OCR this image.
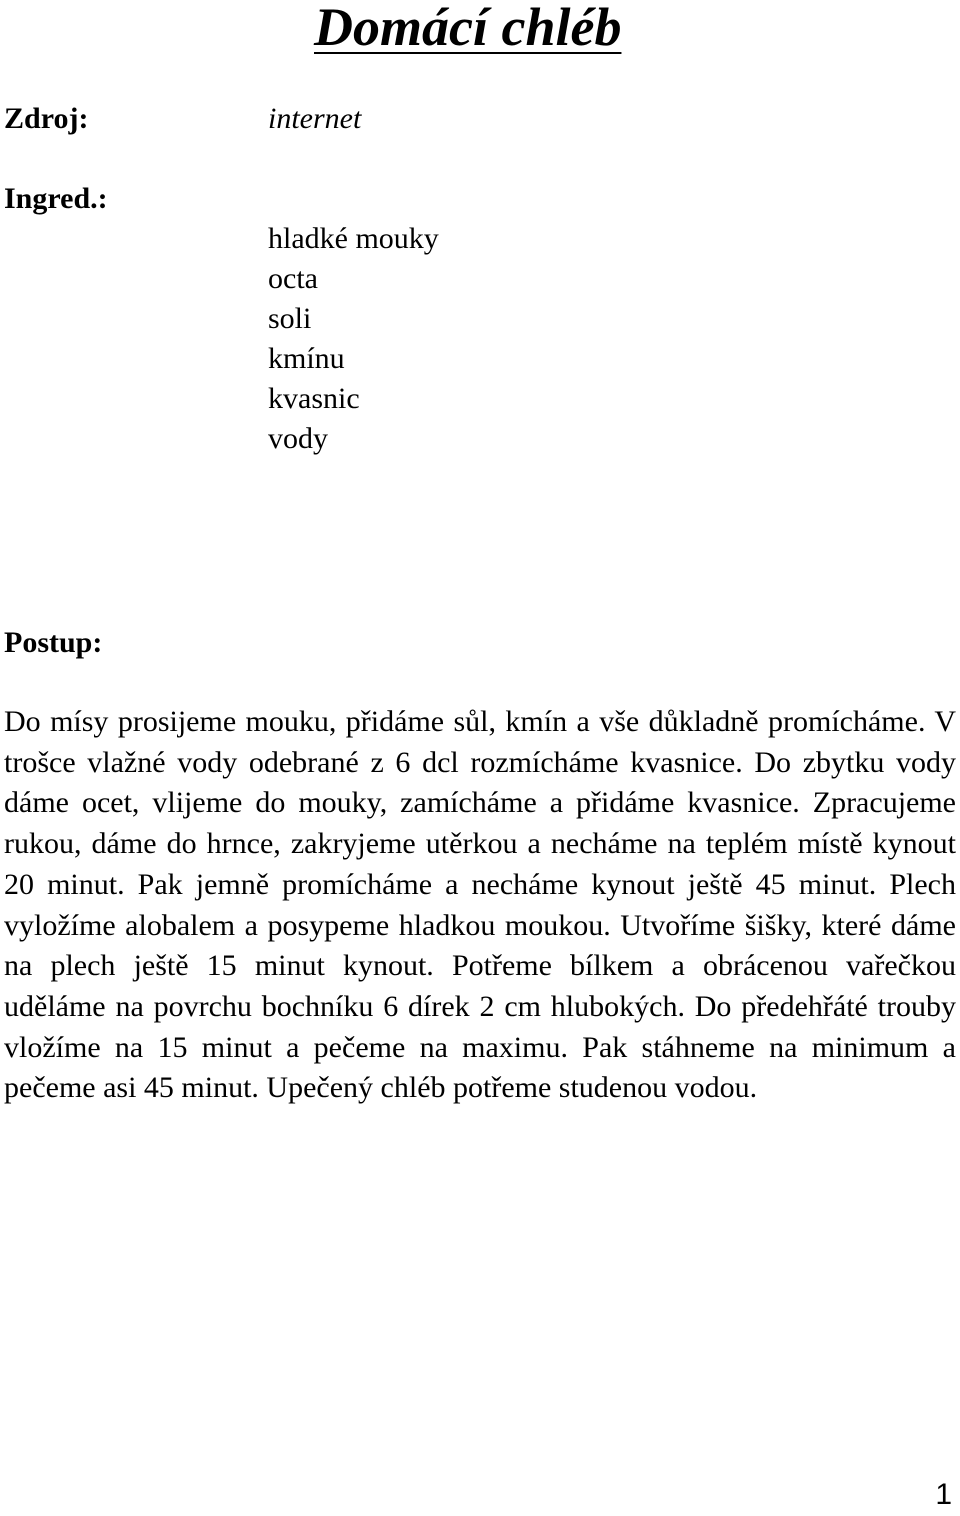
Domácí chléb
Zdroj:	internet
Ingred.:
hladké mouky
octa
soli
kmínu
kvasnic
vody
Postup:

Do mísy prosijeme mouku, přidáme sůl, kmín a vše důkladně promícháme. V trošce vlažné vody odebrané z 6 dcl rozmícháme kvasnice. Do zbytku vody dáme ocet, vlijeme do mouky, zamícháme a přidáme kvasnice. Zpracujeme rukou, dáme do hrnce, zakryjeme utěrkou a necháme na teplém místě kynout 20 minut. Pak jemně promícháme a necháme kynout ještě 45 minut. Plech vyložíme alobalem a posypeme hladkou moukou. Utvoříme šišky, které dáme na plech ještě 15 minut kynout. Potřeme bílkem a obrácenou vařečkou uděláme na povrchu bochníku 6 dírek 2 cm hlubokých. Do předehřáté trouby vložíme na 15 minut a pečeme na maximu. Pak stáhneme na minimum a pečeme asi 45 minut. Upečený chléb potřeme studenou vodou.

1
